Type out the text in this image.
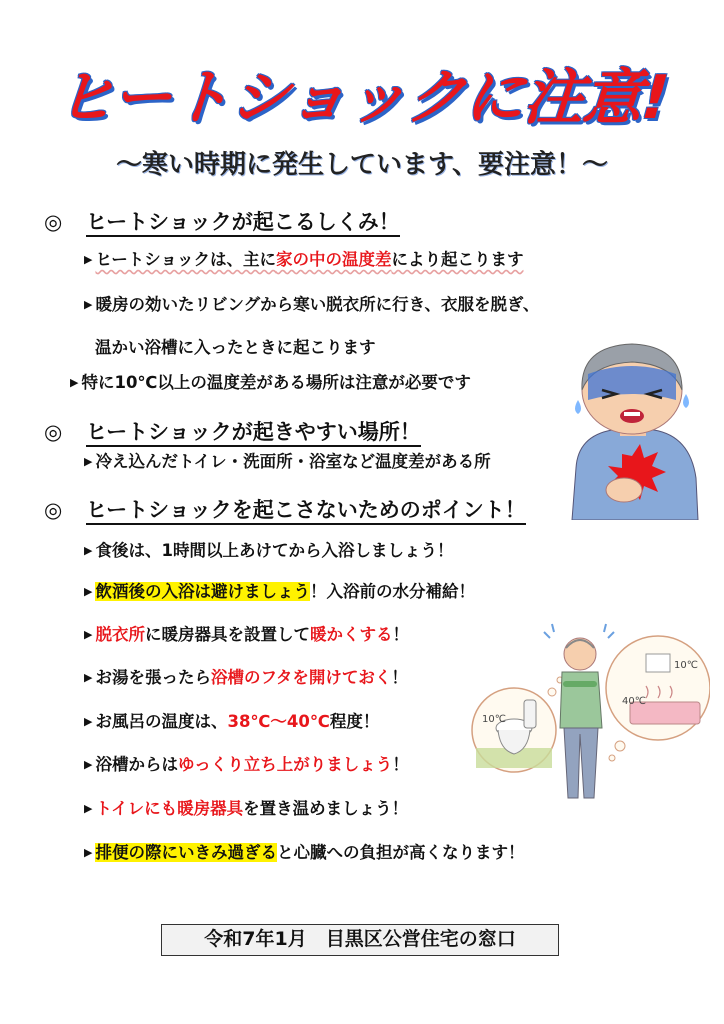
ヒートショックに注意!
〜寒い時期に発生しています、要注意！〜
◎ ヒートショックが起こるしくみ！
▶ ヒートショックは、主に家の中の温度差により起こります
▶ 暖房の効いたリビングから寒い脱衣所に行き、衣服を脱ぎ、
温かい浴槽に入ったときに起こります
▶ 特に10℃以上の温度差がある場所は注意が必要です
◎ ヒートショックが起きやすい場所！
▶ 冷え込んだトイレ・洗面所・浴室など温度差がある所
◎ ヒートショックを起こさないためのポイント！
▶ 食後は、1時間以上あけてから入浴しましょう！
▶ 飲酒後の入浴は避けましょう！入浴前の水分補給！
▶ 脱衣所に暖房器具を設置して暖かくする！
▶ お湯を張ったら浴槽のフタを開けておく！
▶ お風呂の温度は、38℃～40℃程度！
▶ 浴槽からはゆっくり立ち上がりましょう！
▶ トイレにも暖房器具を置き温めましょう！
▶ 排便の際にいきみ過ぎると心臓への負担が高くなります！
10℃
10℃
40℃
令和7年1月　目黒区公営住宅の窓口
